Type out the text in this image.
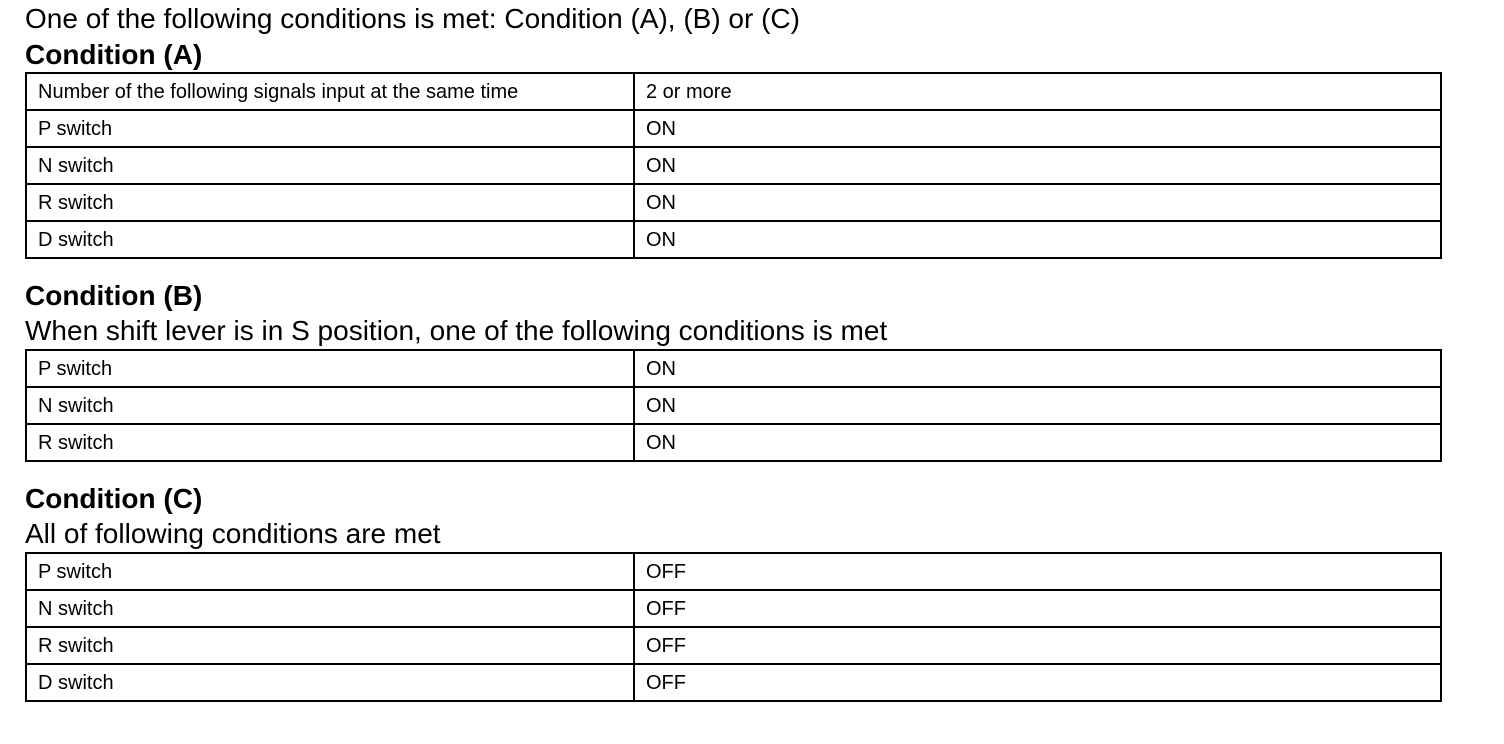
One of the following conditions is met: Condition (A), (B) or (C)
Condition (A)
Number of the following signals input at the same time	2 or more
P switch	ON
N switch	ON
R switch	ON
D switch	ON
Condition (B)
When shift lever is in S position, one of the following conditions is met
P switch	ON
N switch	ON
R switch	ON
Condition (C)
All of following conditions are met
P switch	OFF
N switch	OFF
R switch	OFF
D switch	OFF
